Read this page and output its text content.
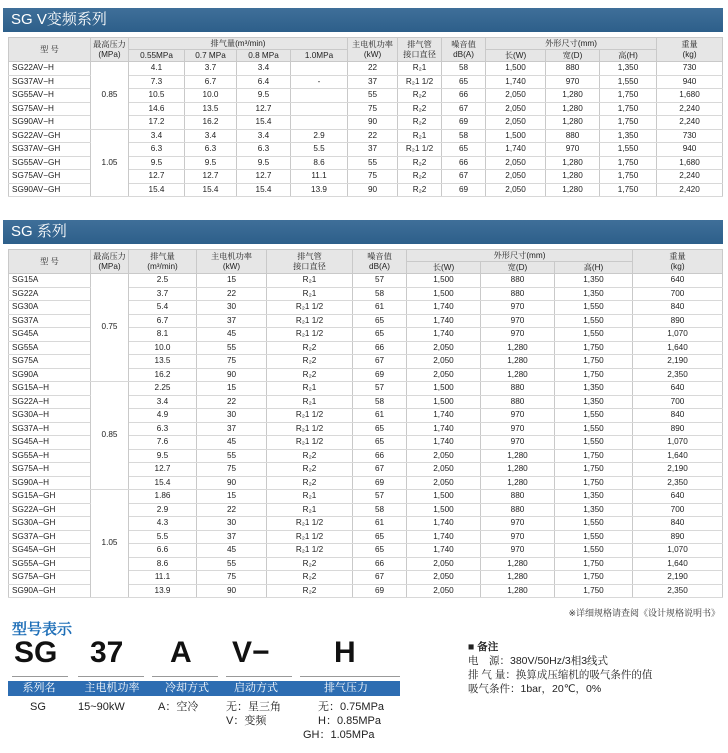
SG V变频系列
型 号	最高压力
(MPa)	排气量(m³/min)				主电机功率
(kW)	排气管
接口直径	噪音值
dB(A)	外形尺寸(mm)			重量
(kg)
		0.55MPa	0.7 MPa	0.8 MPa	1.0MPa				长(W)	宽(D)	高(H)	
SG22AV−H	0.85	4.1	3.7	3.4		22	R₂1	58	1,500	880	1,350	730
SG37AV−H		7.3	6.7	6.4	-	37	R₂1 1/2	65	1,740	970	1,550	940
SG55AV−H		10.5	10.0	9.5		55	R₂2	66	2,050	1,280	1,750	1,680
SG75AV−H		14.6	13.5	12.7		75	R₂2	67	2,050	1,280	1,750	2,240
SG90AV−H		17.2	16.2	15.4		90	R₂2	69	2,050	1,280	1,750	2,240
SG22AV−GH	1.05	3.4	3.4	3.4	2.9	22	R₂1	58	1,500	880	1,350	730
SG37AV−GH		6.3	6.3	6.3	5.5	37	R₂1 1/2	65	1,740	970	1,550	940
SG55AV−GH		9.5	9.5	9.5	8.6	55	R₂2	66	2,050	1,280	1,750	1,680
SG75AV−GH		12.7	12.7	12.7	11.1	75	R₂2	67	2,050	1,280	1,750	2,240
SG90AV−GH		15.4	15.4	15.4	13.9	90	R₂2	69	2,050	1,280	1,750	2,420
SG 系列
型 号	最高压力
(MPa)	排气量
(m³/min)	主电机功率
(kW)	排气管
接口直径	噪音值
dB(A)	外形尺寸(mm)			重量
(kg)
						长(W)	宽(D)	高(H)	
SG15A	0.75	2.5	15	R₂1	57	1,500	880	1,350	640
SG22A		3.7	22	R₂1	58	1,500	880	1,350	700
SG30A		5.4	30	R₂1 1/2	61	1,740	970	1,550	840
SG37A		6.7	37	R₂1 1/2	65	1,740	970	1,550	890
SG45A		8.1	45	R₂1 1/2	65	1,740	970	1,550	1,070
SG55A		10.0	55	R₂2	66	2,050	1,280	1,750	1,640
SG75A		13.5	75	R₂2	67	2,050	1,280	1,750	2,190
SG90A		16.2	90	R₂2	69	2,050	1,280	1,750	2,350
SG15A−H	0.85	2.25	15	R₂1	57	1,500	880	1,350	640
SG22A−H		3.4	22	R₂1	58	1,500	880	1,350	700
SG30A−H		4.9	30	R₂1 1/2	61	1,740	970	1,550	840
SG37A−H		6.3	37	R₂1 1/2	65	1,740	970	1,550	890
SG45A−H		7.6	45	R₂1 1/2	65	1,740	970	1,550	1,070
SG55A−H		9.5	55	R₂2	66	2,050	1,280	1,750	1,640
SG75A−H		12.7	75	R₂2	67	2,050	1,280	1,750	2,190
SG90A−H		15.4	90	R₂2	69	2,050	1,280	1,750	2,350
SG15A−GH	1.05	1.86	15	R₂1	57	1,500	880	1,350	640
SG22A−GH		2.9	22	R₂1	58	1,500	880	1,350	700
SG30A−GH		4.3	30	R₂1 1/2	61	1,740	970	1,550	840
SG37A−GH		5.5	37	R₂1 1/2	65	1,740	970	1,550	890
SG45A−GH		6.6	45	R₂1 1/2	65	1,740	970	1,550	1,070
SG55A−GH		8.6	55	R₂2	66	2,050	1,280	1,750	1,640
SG75A−GH		11.1	75	R₂2	67	2,050	1,280	1,750	2,190
SG90A−GH		13.9	90	R₂2	69	2,050	1,280	1,750	2,350
※详细规格请查阅《设计规格说明书》
型号表示
SG 37 A V− H
系列名	主电机功率	冷却方式	启动方式	排气压力
SG	15~90kW	A：空冷	无：星三角
V：变频
无：0.75MPa
H：0.85MPa
GH：1.05MPa
■ 备注
电　源：380V/50Hz/3相3线式
排 气 量：换算成压缩机的吸气条件的值
吸气条件：1bar，20℃，0%
